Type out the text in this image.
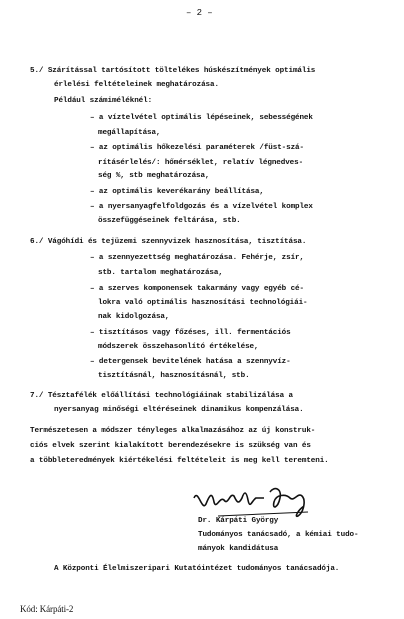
– 2 –
5./ Szárítással tartósított töltelékes húskészítmények optimális
érlelési feltételeinek meghatározása.
Például számiméléknél:
– a víztelvétel optimális lépéseinek, sebességének
megállapítása,
– az optimális hőkezelési paraméterek /füst-szá-
rításérlelés/: hőmérséklet, relatív légnedves-
ség %, stb meghatározása,
– az optimális keverékarány beállítása,
– a nyersanyagfelfoldgozás és a vízelvétel komplex
összefüggéseinek feltárása, stb.
6./ Vágóhídi és tejüzemi szennyvizek hasznosítása, tisztítása.
– a szennyezettség meghatározása. Fehérje, zsír,
stb. tartalom meghatározása,
– a szerves komponensek takarmány vagy egyéb cé-
lokra való optimális hasznosítási technológiái-
nak kidolgozása,
– tisztításos vagy főzéses, ill. fermentációs
módszerek összehasonlító értékelése,
– detergensek bevitelének hatása a szennyvíz-
tisztításnál, hasznosításnál, stb.
7./ Tésztafélék előállítási technológiáinak stabilizálása a
nyersanyag minőségi eltéréseinek dinamikus kompenzálása.
Természetesen a módszer tényleges alkalmazásához az új konstruk-
ciós elvek szerint kialakított berendezésekre is szükség van és
a többleteredmények kiértékelési feltételeit is meg kell teremteni.
Dr. Kárpáti György
Tudományos tanácsadó, a kémiai tudo-
mányok kandidátusa
A Központi Élelmiszeripari Kutatóintézet tudományos tanácsadója.
Kód: Kárpáti-2
